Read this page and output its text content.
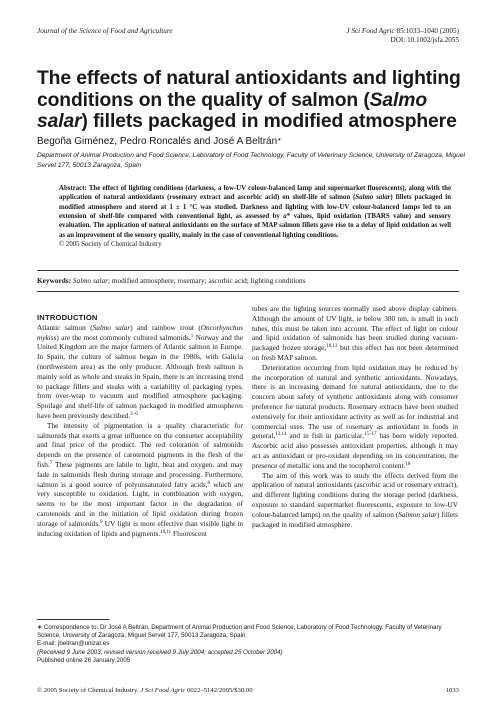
Journal of the Science of Food and Agriculture	J Sci Food Agric 85:1033–1040 (2005)
DOI: 10.1002/jsfa.2055
The effects of natural antioxidants and lighting conditions on the quality of salmon (Salmo salar) fillets packaged in modified atmosphere
Begoña Giménez, Pedro Roncalés and José A Beltrán∗
Department of Animal Production and Food Science, Laboratory of Food Technology, Faculty of Veterinary Science, University of Zaragoza, Miguel Servet 177, 50013 Zaragoza, Spain
Abstract: The effect of lighting conditions (darkness, a low-UV colour-balanced lamp and supermarket fluorescents), along with the application of natural antioxidants (rosemary extract and ascorbic acid) on shelf-life of salmon (Salmo salar) fillets packaged in modified atmosphere and stored at 1 ± 1 °C was studied. Darkness and lighting with low-UV colour-balanced lamps led to an extension of shelf-life compared with conventional light, as assessed by a* values, lipid oxidation (TBARS value) and sensory evaluation. The application of natural antioxidants on the surface of MAP salmon fillets gave rise to a delay of lipid oxidation as well as an improvement of the sensory quality, mainly in the case of conventional lighting conditions.
© 2005 Society of Chemical Industry
Keywords: Salmo salar; modified atmosphere; rosemary; ascorbic acid; lighting conditions
INTRODUCTION

Atlantic salmon (Salmo salar) and rainbow trout (Oncorhynchus mykiss) are the most commonly cultured salmonids.$^1$ Norway and the United Kingdom are the major farmers of Atlantic salmon in Europe. In Spain, the culture of salmon began in the 1980s, with Galicia (northwestern area) as the only producer. Although fresh salmon is mainly sold as whole and steaks in Spain, there is an increasing trend to package fillets and steaks with a variability of packaging types, from over-wrap to vacuum and modified atmosphere packaging. Spoilage and shelf-life of salmon packaged in modified atmospheres have been previously described.$^{2-6}$

The intensity of pigmentation is a quality characteristic for salmonids that exerts a great influence on the consumer acceptability and final price of the product. The red coloration of salmonids depends on the presence of carotenoid pigments in the flesh of the fish.$^7$ These pigments are labile to light, heat and oxygen, and may fade in salmonids flesh during storage and processing. Furthermore, salmon is a good source of polyunsaturated fatty acids,$^8$ which are very susceptible to oxidation. Light, in combination with oxygen, seems to be the most important factor in the degradation of carotenoids and in the initiation of lipid oxidation during frozen storage of salmonids.$^9$ UV light is more effective than visible light in inducing oxidation of lipids and pigments.$^{10,11}$ Fluorescent

tubes are the lighting sources normally used above display cabinets. Although the amount of UV light, ie below 380 nm, is small in such tubes, this must be taken into account. The effect of light on colour and lipid oxidation of salmonids has been studied during vacuum-packaged frozen storage,$^{10,12}$ but this effect has not been determined on fresh MAP salmon.

Deterioration occurring from lipid oxidation may be reduced by the incorporation of natural and synthetic antioxidants. Nowadays, there is an increasing demand for natural antioxidants, due to the concern about safety of synthetic antioxidants along with consumer preference for natural products. Rosemary extracts have been studied extensively for their antioxidant activity as well as for industrial and commercial uses. The use of rosemary as antioxidant in foods in general,$^{13,14}$ and in fish in particular,$^{15-17}$ has been widely reported. Ascorbic acid also possesses antioxidant properties, although it may act as antioxidant or pro-oxidant depending on its concentration, the presence of metallic ions and the tocopherol content.$^{18}$

The aim of this work was to study the effects derived from the application of natural antioxidants (ascorbic acid or rosemary extract), and different lighting conditions during the storage period (darkness, exposure to standard supermarket fluorescents, exposure to low-UV colour-balanced lamps) on the quality of salmon (Salmon salar) fillets packaged in modified atmosphere.

∗ Correspondence to: Dr José A Beltrán, Department of Animal Production and Food Science, Laboratory of Food Technology, Faculty of Veterinary Science, University of Zaragoza, Miguel Servet 177, 50013 Zaragoza, Spain
E-mail: jbeltran@unizar.es
(Received 9 June 2003; revised version received 9 July 2004; accepted 25 October 2004)
Published online 26 January 2005
© 2005 Society of Chemical Industry. J Sci Food Agric 0022–5142/2005/$30.00	1033
